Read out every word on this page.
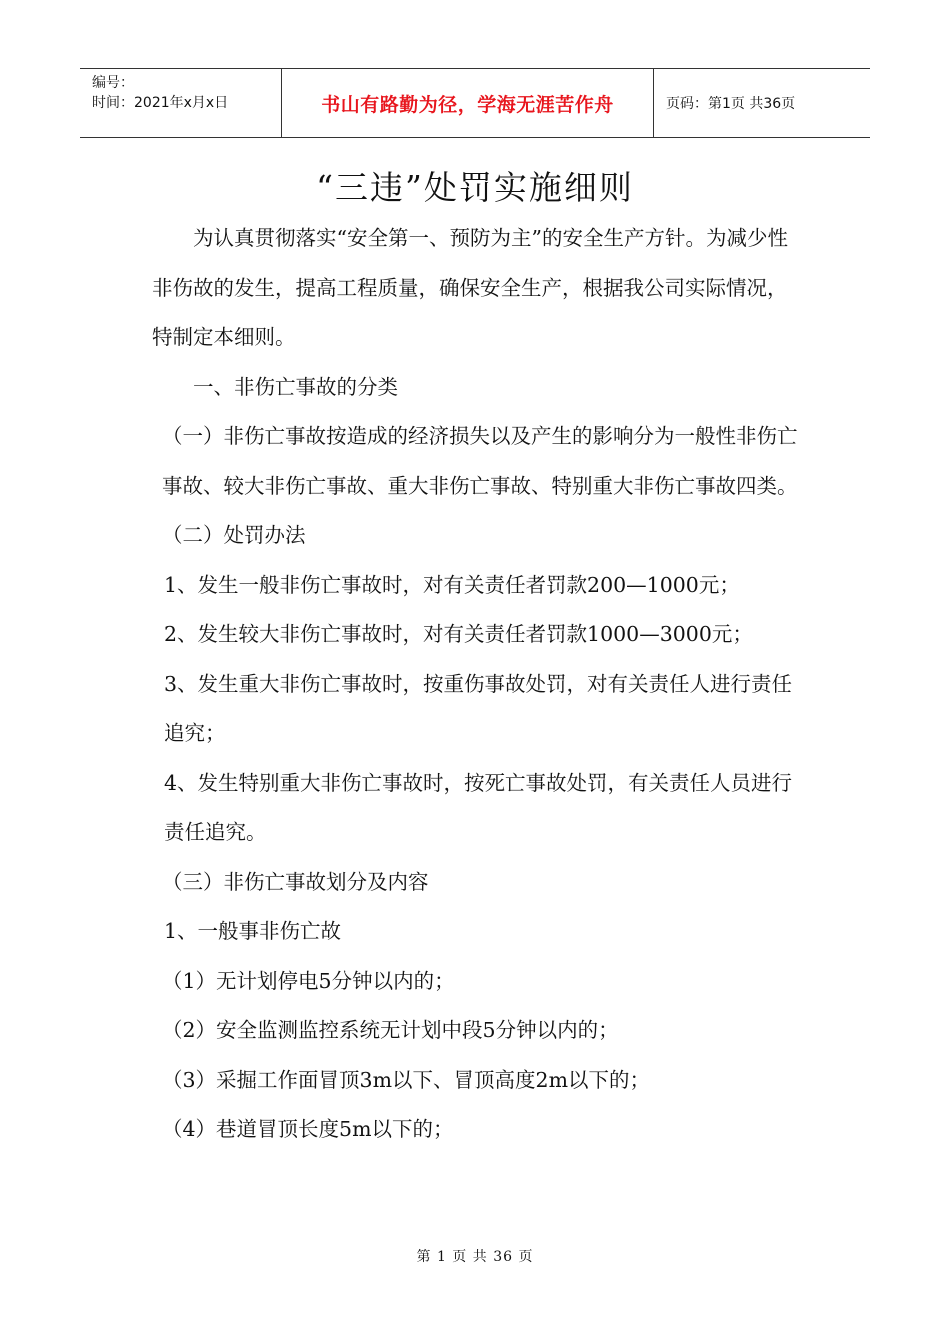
编号：
时间：2021年x月x日	书山有路勤为径，学海无涯苦作舟	页码：第1页 共36页
“三违”处罚实施细则

为认真贯彻落实“安全第一、预防为主”的安全生产方针。为减少性非伤故的发生，提高工程质量，确保安全生产，根据我公司实际情况，特制定本细则。

一、非伤亡事故的分类

（一）非伤亡事故按造成的经济损失以及产生的影响分为一般性非伤亡事故、较大非伤亡事故、重大非伤亡事故、特别重大非伤亡事故四类。

（二）处罚办法

1、发生一般非伤亡事故时，对有关责任者罚款200—1000元；

2、发生较大非伤亡事故时，对有关责任者罚款1000—3000元；

3、发生重大非伤亡事故时，按重伤事故处罚，对有关责任人进行责任追究；

4、发生特别重大非伤亡事故时，按死亡事故处罚，有关责任人员进行责任追究。

（三）非伤亡事故划分及内容

1、一般事非伤亡故

（1）无计划停电5分钟以内的；

（2）安全监测监控系统无计划中段5分钟以内的；

（3）采掘工作面冒顶3m以下、冒顶高度2m以下的；

（4）巷道冒顶长度5m以下的；

第 1 页 共 36 页
